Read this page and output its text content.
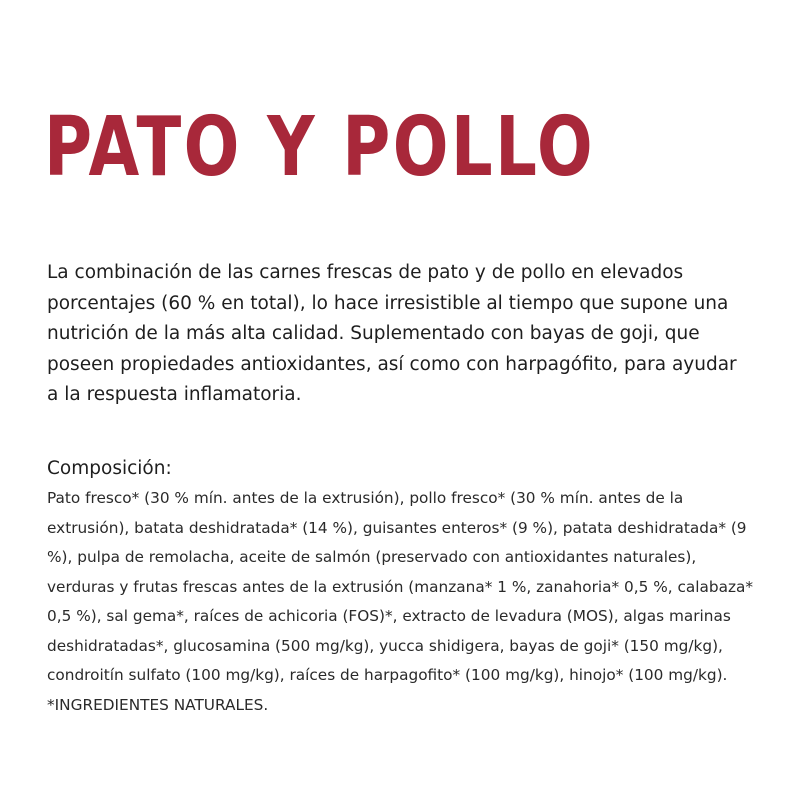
PATO Y POLLO

La combinación de las carnes frescas de pato y de pollo en elevados porcentajes (60 % en total), lo hace irresistible al tiempo que supone una nutrición de la más alta calidad. Suplementado con bayas de goji, que poseen propiedades antioxidantes, así como con harpagófito, para ayudar a la respuesta inflamatoria.

Composición:

Pato fresco* (30 % mín. antes de la extrusión), pollo fresco* (30 % mín. antes de la extrusión), batata deshidratada* (14 %), guisantes enteros* (9 %), patata deshidratada* (9 %), pulpa de remolacha, aceite de salmón (preservado con antioxidantes naturales), verduras y frutas frescas antes de la extrusión (manzana* 1 %, zanahoria* 0,5 %, calabaza* 0,5 %), sal gema*, raíces de achicoria (FOS)*, extracto de levadura (MOS), algas marinas deshidratadas*, glucosamina (500 mg/kg), yucca shidigera, bayas de goji* (150 mg/kg), condroitín sulfato (100 mg/kg), raíces de harpagofito* (100 mg/kg), hinojo* (100 mg/kg). *INGREDIENTES NATURALES.
